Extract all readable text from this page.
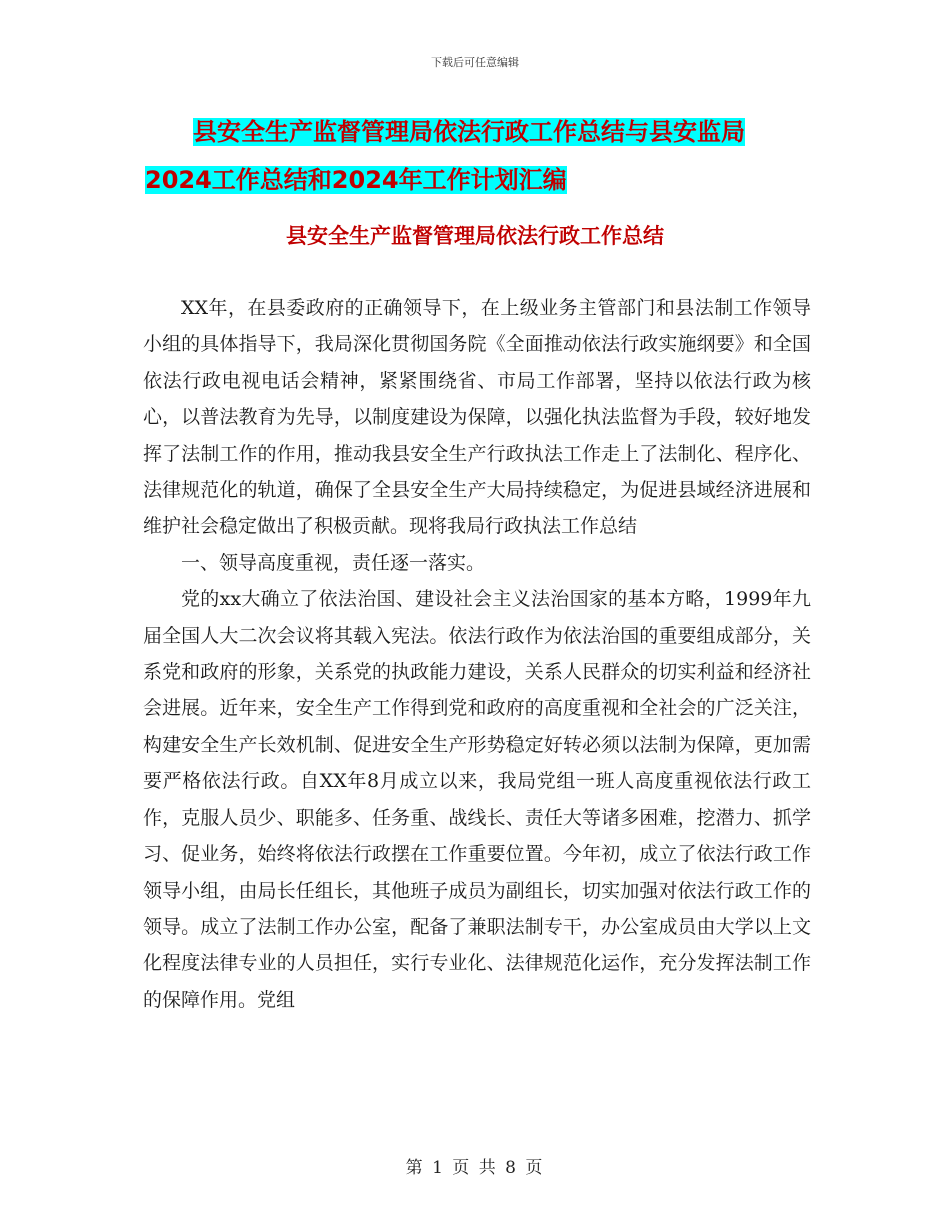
下载后可任意编辑
县安全生产监督管理局依法行政工作总结与县安监局
2024工作总结和2024年工作计划汇编
县安全生产监督管理局依法行政工作总结

XX年，在县委政府的正确领导下，在上级业务主管部门和县法制工作领导小组的具体指导下，我局深化贯彻国务院《全面推动依法行政实施纲要》和全国依法行政电视电话会精神，紧紧围绕省、市局工作部署，坚持以依法行政为核心，以普法教育为先导，以制度建设为保障，以强化执法监督为手段，较好地发挥了法制工作的作用，推动我县安全生产行政执法工作走上了法制化、程序化、法律规范化的轨道，确保了全县安全生产大局持续稳定，为促进县域经济进展和维护社会稳定做出了积极贡献。现将我局行政执法工作总结

一、领导高度重视，责任逐一落实。

党的xx大确立了依法治国、建设社会主义法治国家的基本方略，1999年九届全国人大二次会议将其载入宪法。依法行政作为依法治国的重要组成部分，关系党和政府的形象，关系党的执政能力建设，关系人民群众的切实利益和经济社会进展。近年来，安全生产工作得到党和政府的高度重视和全社会的广泛关注，构建安全生产长效机制、促进安全生产形势稳定好转必须以法制为保障，更加需要严格依法行政。自XX年8月成立以来，我局党组一班人高度重视依法行政工作，克服人员少、职能多、任务重、战线长、责任大等诸多困难，挖潜力、抓学习、促业务，始终将依法行政摆在工作重要位置。今年初，成立了依法行政工作领导小组，由局长任组长，其他班子成员为副组长，切实加强对依法行政工作的领导。成立了法制工作办公室，配备了兼职法制专干，办公室成员由大学以上文化程度法律专业的人员担任，实行专业化、法律规范化运作，充分发挥法制工作的保障作用。党组

第 1 页 共 8 页
